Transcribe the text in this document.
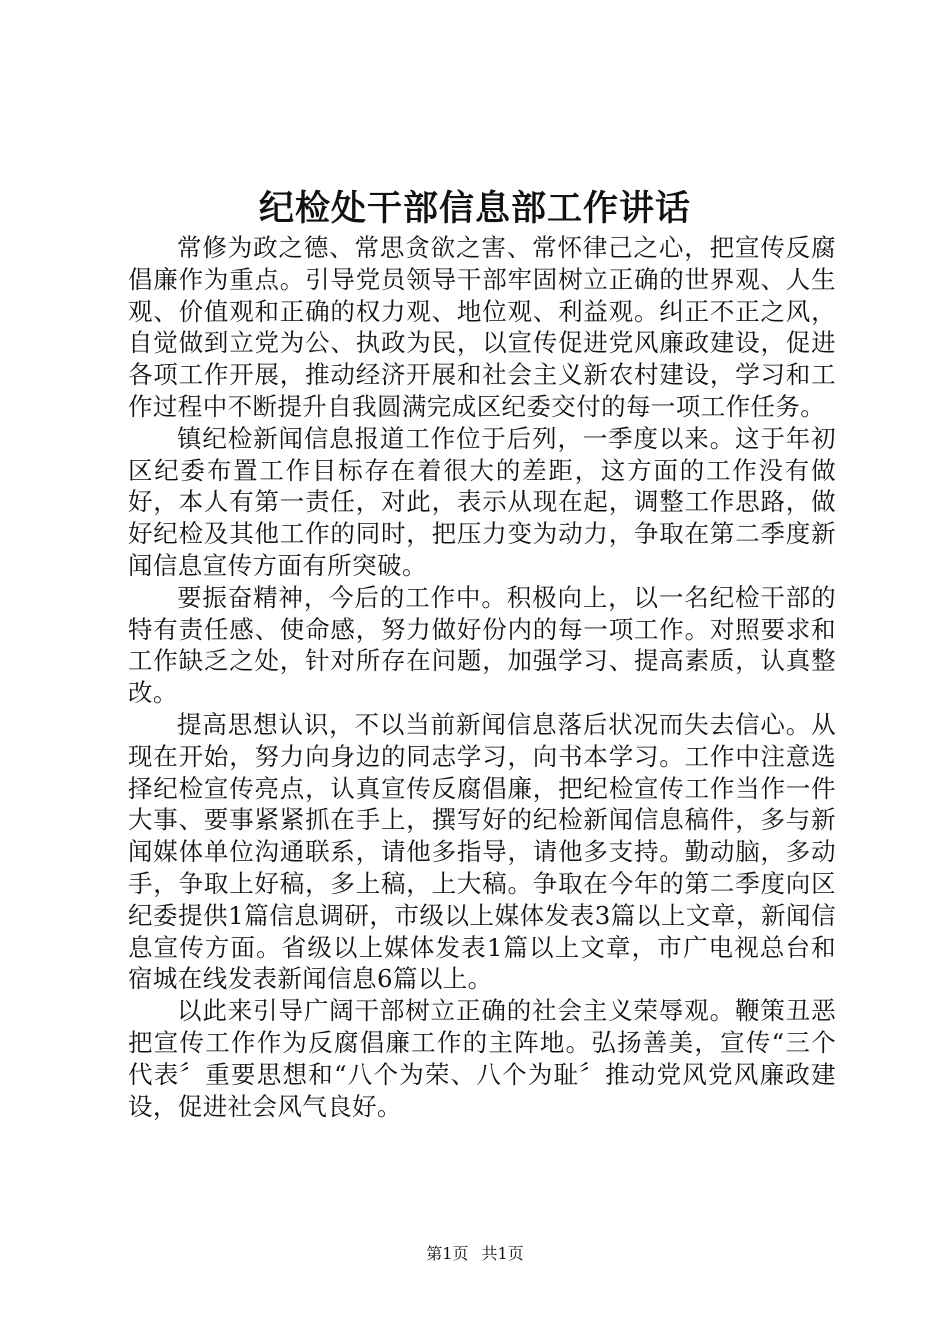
纪检处干部信息部工作讲话

常修为政之德、常思贪欲之害、常怀律己之心，把宣传反腐倡廉作为重点。引导党员领导干部牢固树立正确的世界观、人生观、价值观和正确的权力观、地位观、利益观。纠正不正之风，自觉做到立党为公、执政为民，以宣传促进党风廉政建设，促进各项工作开展，推动经济开展和社会主义新农村建设，学习和工作过程中不断提升自我圆满完成区纪委交付的每一项工作任务。

镇纪检新闻信息报道工作位于后列，一季度以来。这于年初区纪委布置工作目标存在着很大的差距，这方面的工作没有做好，本人有第一责任，对此，表示从现在起，调整工作思路，做好纪检及其他工作的同时，把压力变为动力，争取在第二季度新闻信息宣传方面有所突破。

要振奋精神，今后的工作中。积极向上，以一名纪检干部的特有责任感、使命感，努力做好份内的每一项工作。对照要求和工作缺乏之处，针对所存在问题，加强学习、提高素质，认真整改。

提高思想认识，不以当前新闻信息落后状况而失去信心。从现在开始，努力向身边的同志学习，向书本学习。工作中注意选择纪检宣传亮点，认真宣传反腐倡廉，把纪检宣传工作当作一件大事、要事紧紧抓在手上，撰写好的纪检新闻信息稿件，多与新闻媒体单位沟通联系，请他多指导，请他多支持。勤动脑，多动手，争取上好稿，多上稿，上大稿。争取在今年的第二季度向区纪委提供1篇信息调研，市级以上媒体发表3篇以上文章，新闻信息宣传方面。省级以上媒体发表1篇以上文章，市广电视总台和宿城在线发表新闻信息6篇以上。

以此来引导广阔干部树立正确的社会主义荣辱观。鞭策丑恶把宣传工作作为反腐倡廉工作的主阵地。弘扬善美，宣传“三个代表〞重要思想和“八个为荣、八个为耻〞推动党风党风廉政建设，促进社会风气良好。

第1页 共1页
